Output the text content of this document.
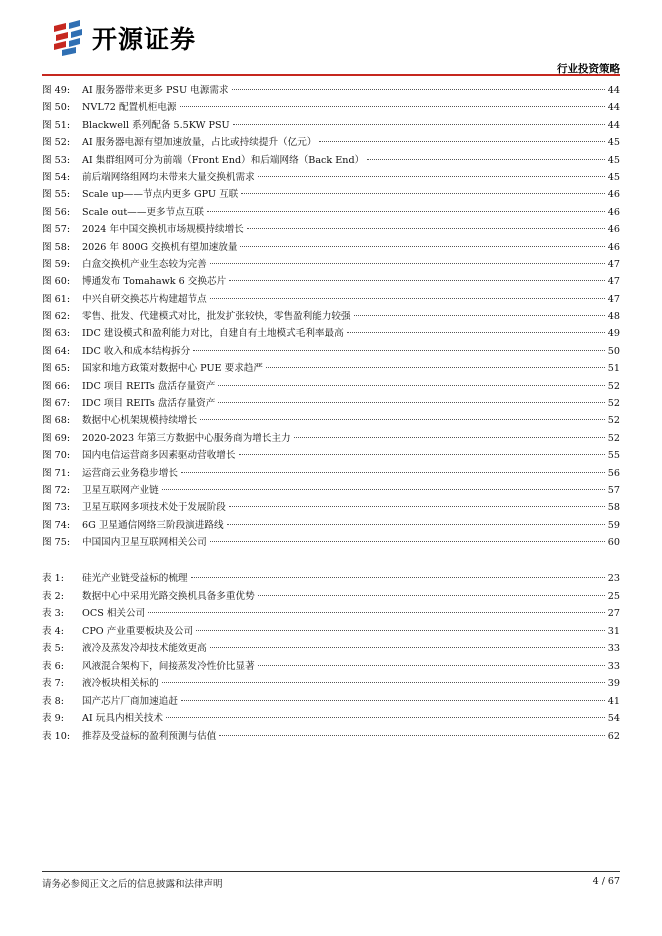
开源证券
行业投资策略
图 49:	AI 服务器带来更多 PSU 电源需求	44
图 50:	NVL72 配置机柜电源	44
图 51:	Blackwell 系列配备 5.5KW PSU	44
图 52:	AI 服务器电源有望加速放量，占比或持续提升（亿元）	45
图 53:	AI 集群组网可分为前端（Front End）和后端网络（Back End）	45
图 54:	前后端网络组网均未带来大量交换机需求	45
图 55:	Scale up——节点内更多 GPU 互联	46
图 56:	Scale out——更多节点互联	46
图 57:	2024 年中国交换机市场规模持续增长	46
图 58:	2026 年 800G 交换机有望加速放量	46
图 59:	白盒交换机产业生态较为完善	47
图 60:	博通发布 Tomahawk 6 交换芯片	47
图 61:	中兴自研交换芯片构建超节点	47
图 62:	零售、批发、代建模式对比，批发扩张较快，零售盈利能力较强	48
图 63:	IDC 建设模式和盈利能力对比，自建自有土地模式毛利率最高	49
图 64:	IDC 收入和成本结构拆分	50
图 65:	国家和地方政策对数据中心 PUE 要求趋严	51
图 66:	IDC 项目 REITs 盘活存量资产	52
图 67:	IDC 项目 REITs 盘活存量资产	52
图 68:	数据中心机架规模持续增长	52
图 69:	2020-2023 年第三方数据中心服务商为增长主力	52
图 70:	国内电信运营商多因素驱动营收增长	55
图 71:	运营商云业务稳步增长	56
图 72:	卫星互联网产业链	57
图 73:	卫星互联网多项技术处于发展阶段	58
图 74:	6G 卫星通信网络三阶段演进路线	59
图 75:	中国国内卫星互联网相关公司	60
表 1:	硅光产业链受益标的梳理	23
表 2:	数据中心中采用光路交换机具备多重优势	25
表 3:	OCS 相关公司	27
表 4:	CPO 产业重要板块及公司	31
表 5:	液冷及蒸发冷却技术能效更高	33
表 6:	风液混合架构下，间接蒸发冷性价比显著	33
表 7:	液冷板块相关标的	39
表 8:	国产芯片厂商加速追赶	41
表 9:	AI 玩具内相关技术	54
表 10:	推荐及受益标的盈利预测与估值	62
请务必参阅正文之后的信息披露和法律声明	4 / 67
